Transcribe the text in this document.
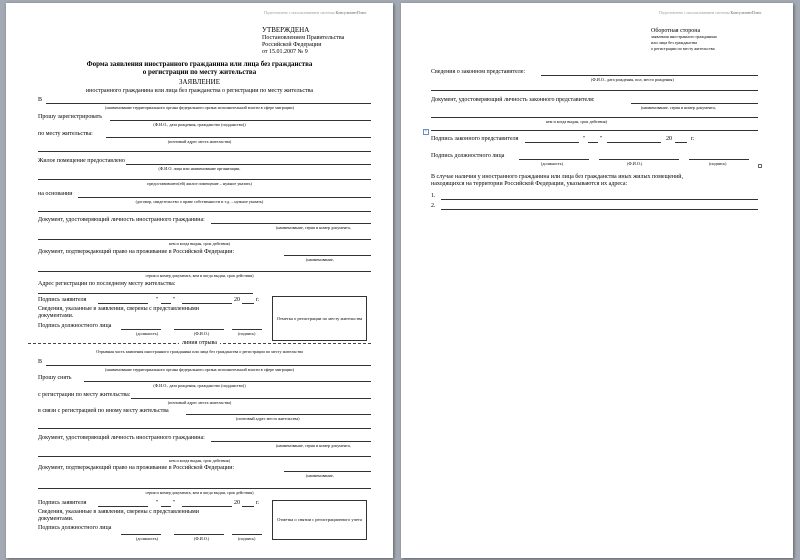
Подготовлено с использованием системы КонсультантПлюс
УТВЕРЖДЕНА
Постановлением Правительства
Российской Федерации
от 15.01.2007 № 9
Форма заявления иностранного гражданина или лица без гражданства
о регистрации по месту жительства
ЗАЯВЛЕНИЕ
иностранного гражданина или лица без гражданства о регистрации по месту жительства
В
(наименование территориального органа федерального органа исполнительной власти в сфере миграции)
Прошу зарегистрировать
(Ф.И.О., дата рождения, гражданство (подданство))
по месту жительства:
(почтовый адрес места жительства)
Жилое помещение предоставлено
(Ф.И.О. лица или наименование организации,
предоставившего(ей) жилое помещение – нужное указать)
на основании
(договор, свидетельство о праве собственности и т.д. – нужное указать)
Документ, удостоверяющий личность иностранного гражданина:
(наименование, серия и номер документа,
кем и когда выдан, срок действия)
Документ, подтверждающий право на проживание в Российской Федерации:
(наименование,
серия и номер документа, кем и когда выдан, срок действия)
Адрес регистрации по последнему месту жительства:
Подпись заявителя	" "	20	г.
Сведения, указанные в заявлении, сверены с представленными
документами.
Подпись должностного лица
(должность)	(Ф.И.О.)	(подпись)
Отметка о регистрации по месту жительства
линия отрыва
Отрывная часть заявления иностранного гражданина или лица без гражданства о регистрации по месту жительства
В
(наименование территориального органа федерального органа исполнительной власти в сфере миграции)
Прошу снять
(Ф.И.О., дата рождения, гражданство (подданство))
с регистрации по месту жительства:
(почтовый адрес места жительства)
в связи с регистрацией по иному месту жительства
(почтовый адрес места жительства)
Документ, удостоверяющий личность иностранного гражданина:
(наименование, серия и номер документа,
кем и когда выдан, срок действия)
Документ, подтверждающий право на проживание в Российской Федерации:
(наименование,
серия и номер документа, кем и когда выдан, срок действия)
Подпись заявителя	" "	20	г.
Сведения, указанные в заявлении, сверены с представленными
документами.
Подпись должностного лица
(должность)	(Ф.И.О.)	(подпись)
Отметка о снятии с регистрационного учета
Подготовлено с использованием системы КонсультантПлюс
Оборотная сторона
заявления иностранного гражданина
или лица без гражданства
о регистрации по месту жительства
Сведения о законном представителе:
(Ф.И.О., дата рождения, пол, место рождения)
Документ, удостоверяющий личность законного представителя:
(наименование, серия и номер документа,
кем и когда выдан, срок действия)
+
Подпись законного представителя	" "	20	г.
Подпись должностного лица
(должность)	(Ф.И.О.)	(подпись)
В случае наличия у иностранного гражданина или лица без гражданства иных жилых помещений,
находящихся на территории Российской Федерации, указываются их адреса:
1.
2.
